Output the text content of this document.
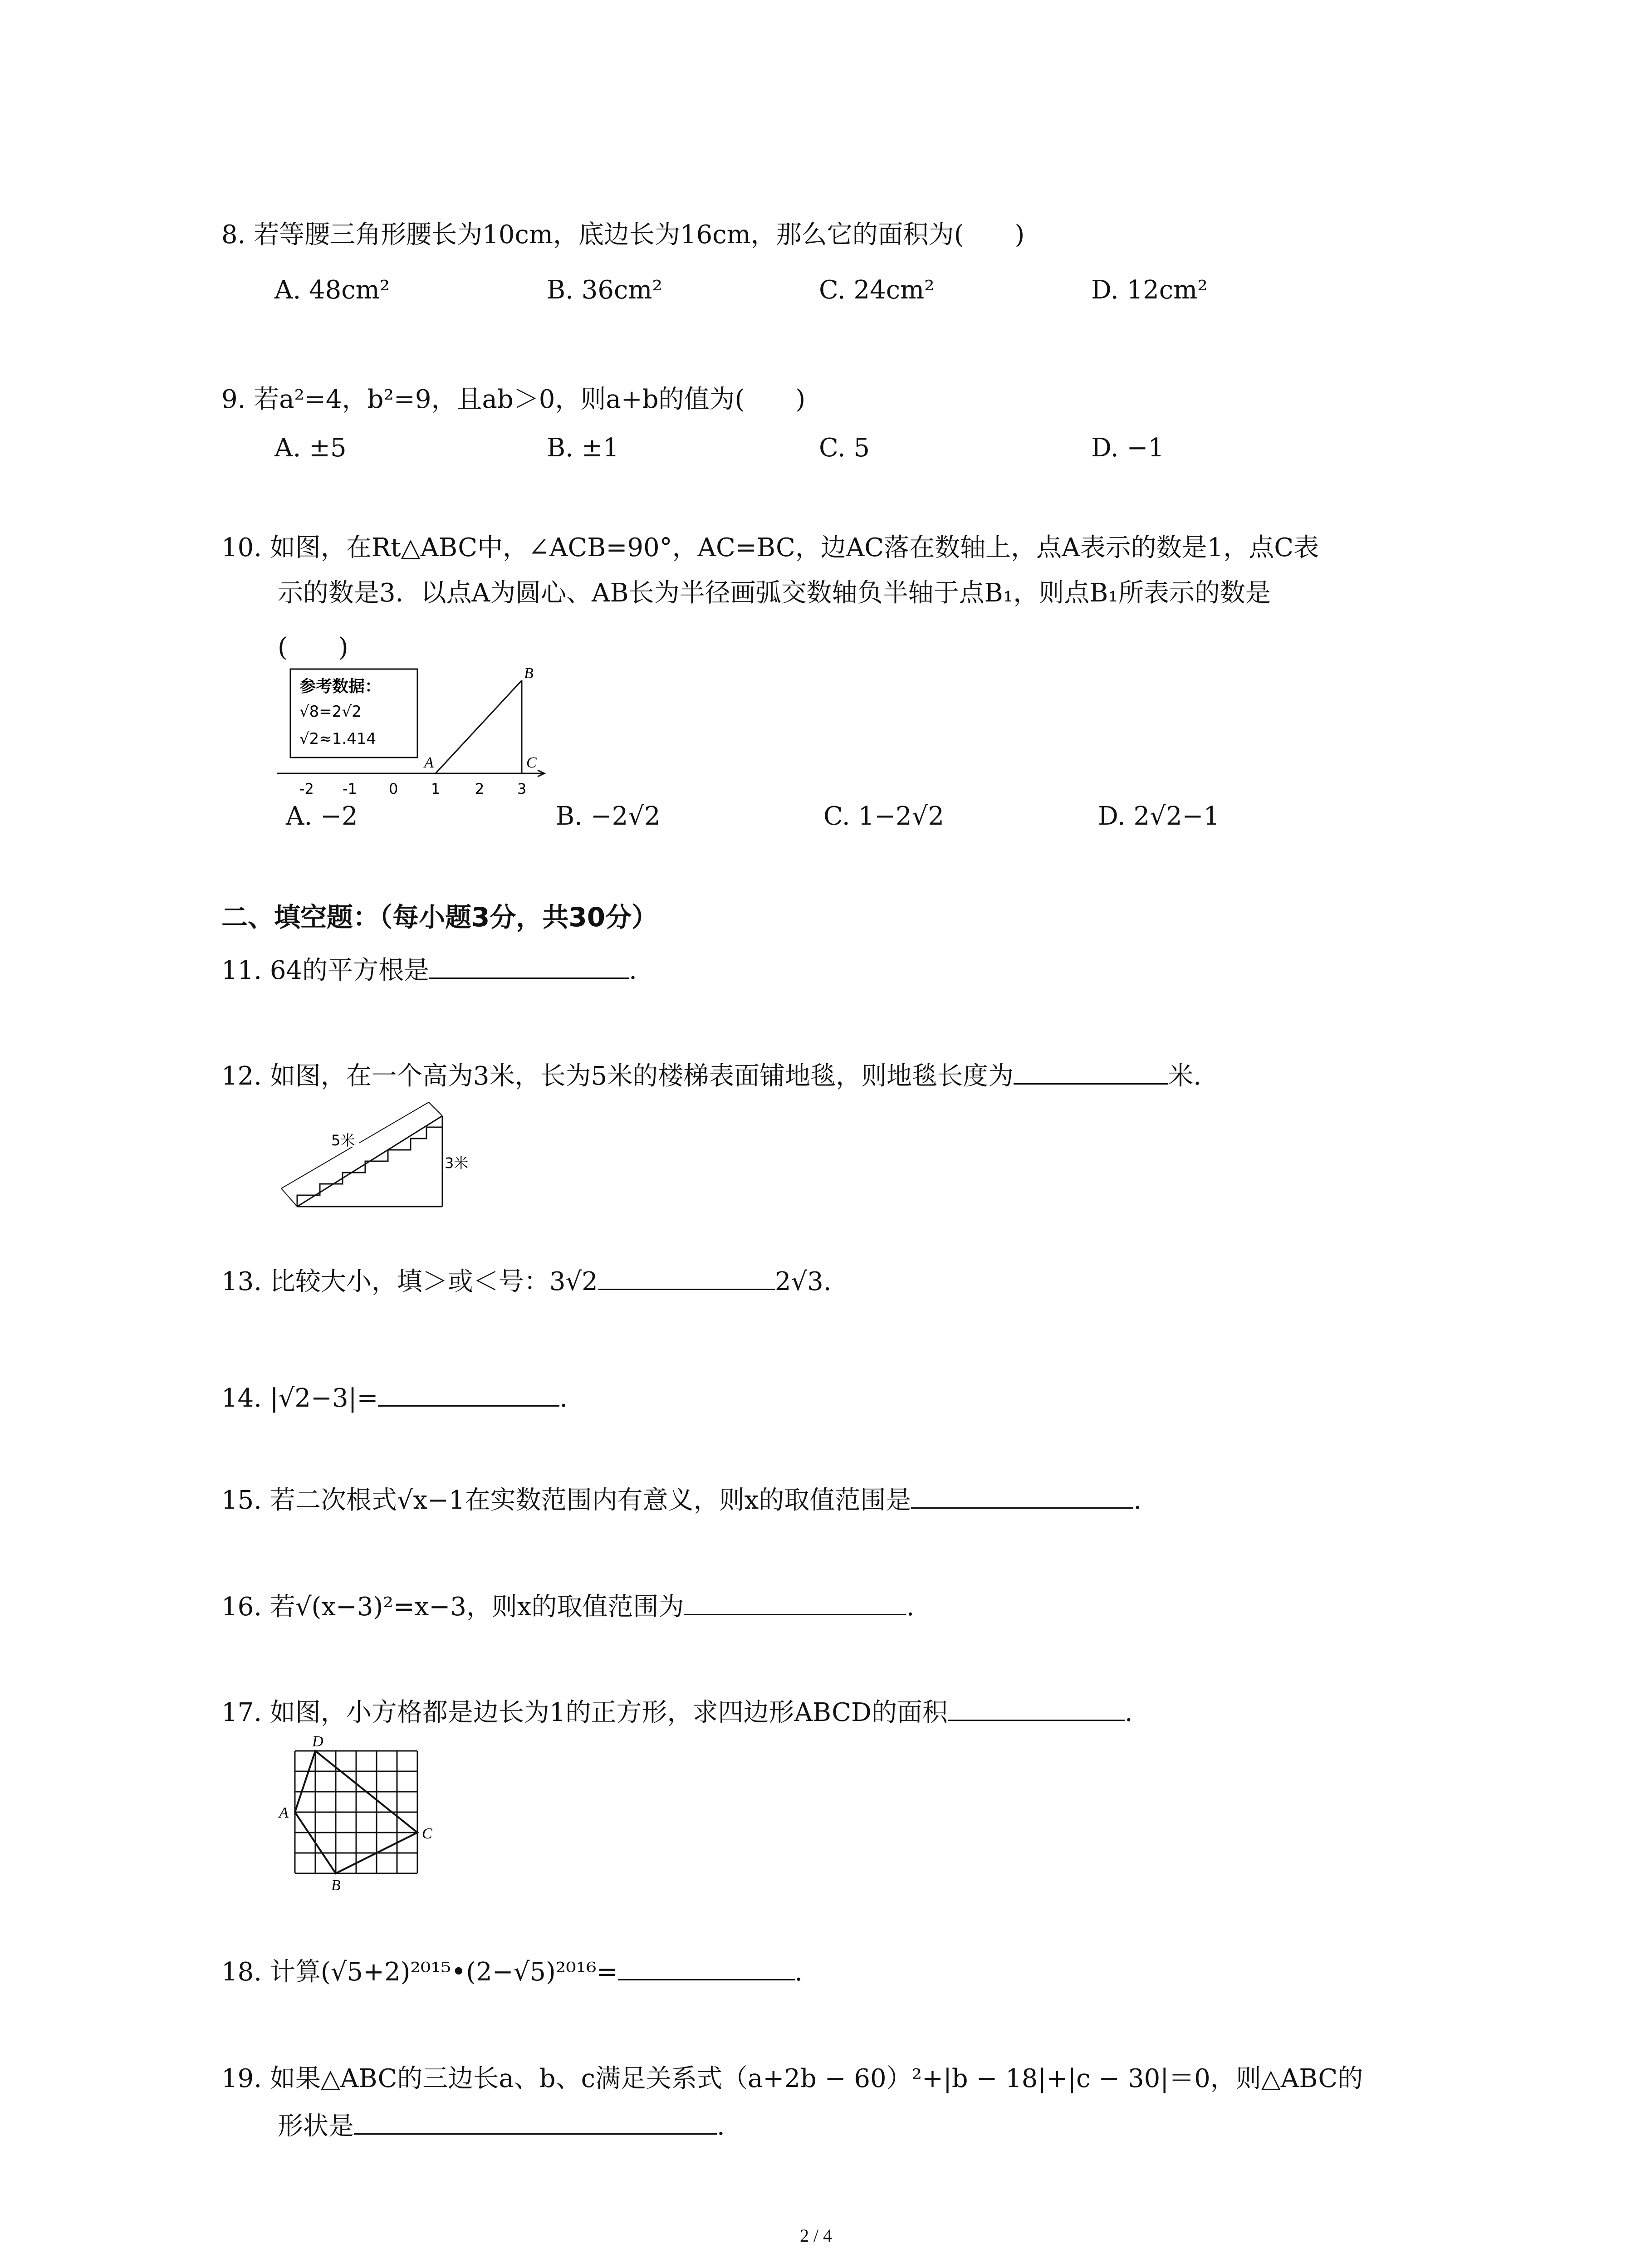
8. 若等腰三角形腰长为10cm，底边长为16cm，那么它的面积为(　　)
A. 48cm²	B. 36cm²	C. 24cm²	D. 12cm²
9. 若a²=4，b²=9，且ab＞0，则a+b的值为(　　)
A. ±5	B. ±1	C. 5	D. −1
10. 如图，在Rt△ABC中，∠ACB=90°，AC=BC，边AC落在数轴上，点A表示的数是1，点C表
示的数是3．以点A为圆心、AB长为半径画弧交数轴负半轴于点B₁，则点B₁所表示的数是
(　　)
参考数据：
√8=2√2
√2≈1.414
A
B
C
-2 -1 0 1 2 3
A. −2	B. −2√2	C. 1−2√2	D. 2√2−1
二、填空题：（每小题3分，共30分）
11. 64的平方根是	.
12. 如图，在一个高为3米，长为5米的楼梯表面铺地毯，则地毯长度为	米.
5米
3米
13. 比较大小，填＞或＜号：3√2	2√3.
14. |√2−3|=	.
15. 若二次根式√x−1在实数范围内有意义，则x的取值范围是	.
16. 若√(x−3)²=x−3，则x的取值范围为	.
17. 如图，小方格都是边长为1的正方形，求四边形ABCD的面积	.
A
D
C
B
18. 计算(√5+2)²⁰¹⁵•(2−√5)²⁰¹⁶=	.
19. 如果△ABC的三边长a、b、c满足关系式（a+2b − 60）²+|b − 18|+|c − 30|＝0，则△ABC的
形状是	.
2 / 4
